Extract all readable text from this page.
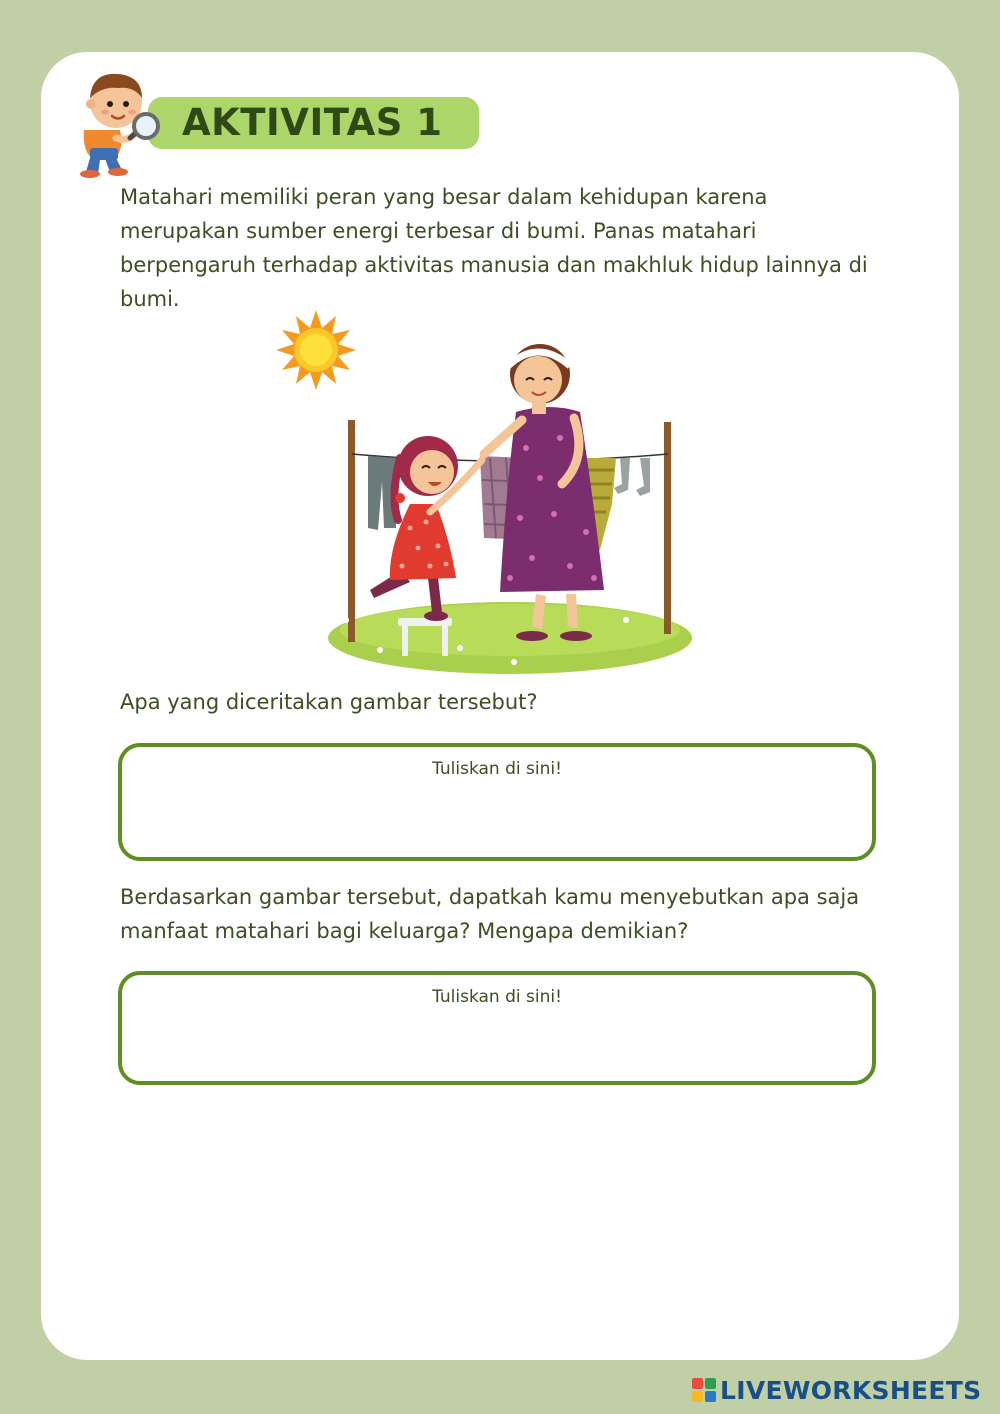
AKTIVITAS 1

Matahari memiliki peran yang besar dalam kehidupan karena merupakan sumber energi terbesar di bumi. Panas matahari berpengaruh terhadap aktivitas manusia dan makhluk hidup lainnya di bumi.

Apa yang diceritakan gambar tersebut?

Tuliskan di sini!

Berdasarkan gambar tersebut, dapatkah kamu menyebutkan apa saja manfaat matahari bagi keluarga? Mengapa demikian?

Tuliskan di sini!
LIVEWORKSHEETS
